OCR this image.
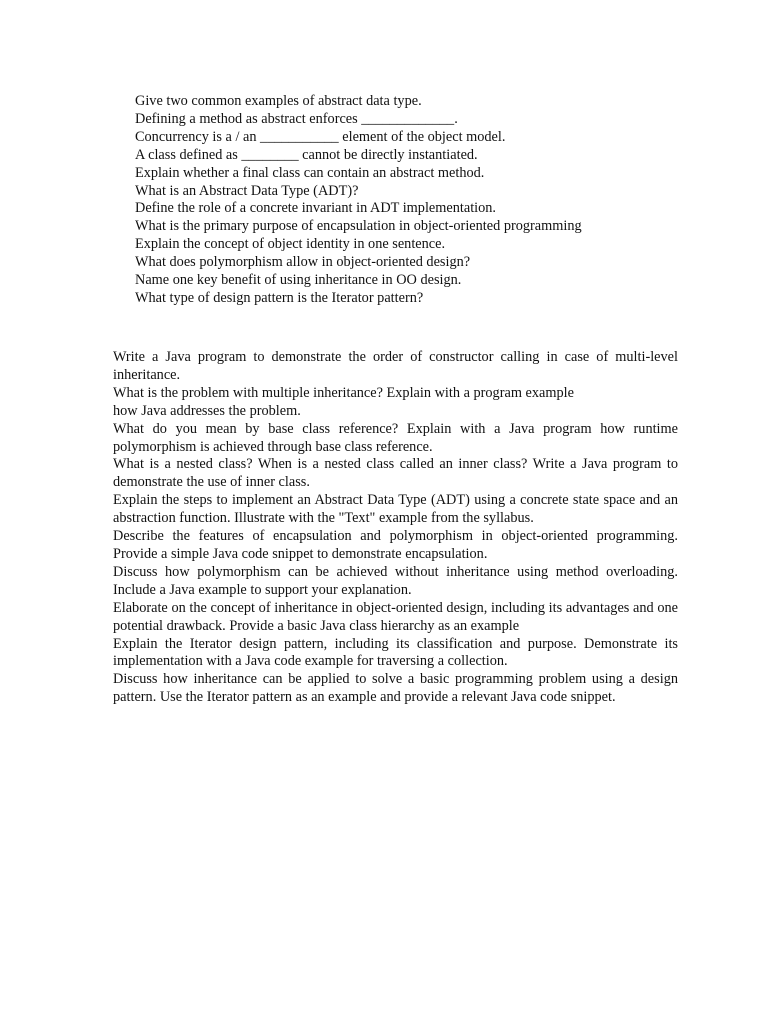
Give two common examples of abstract data type.
Defining a method as abstract enforces _____________.
Concurrency is a / an ___________ element of the object model.
A class defined as ________ cannot be directly instantiated.
Explain whether a final class can contain an abstract method.
What is an Abstract Data Type (ADT)?
Define the role of a concrete invariant in ADT implementation.
What is the primary purpose of encapsulation in object-oriented programming
Explain the concept of object identity in one sentence.
What does polymorphism allow in object-oriented design?
Name one key benefit of using inheritance in OO design.
What type of design pattern is the Iterator pattern?
Write a Java program to demonstrate the order of constructor calling in case of multi-level inheritance.
What is the problem with multiple inheritance? Explain with a program example
how Java addresses the problem.
What do you mean by base class reference? Explain with a Java program how runtime polymorphism is achieved through base class reference.
What is a nested class? When is a nested class called an inner class? Write a Java program to demonstrate the use of inner class.
Explain the steps to implement an Abstract Data Type (ADT) using a concrete state space and an abstraction function. Illustrate with the "Text" example from the syllabus.
Describe the features of encapsulation and polymorphism in object-oriented programming. Provide a simple Java code snippet to demonstrate encapsulation.
Discuss how polymorphism can be achieved without inheritance using method overloading. Include a Java example to support your explanation.
Elaborate on the concept of inheritance in object-oriented design, including its advantages and one potential drawback. Provide a basic Java class hierarchy as an example
Explain the Iterator design pattern, including its classification and purpose. Demonstrate its implementation with a Java code example for traversing a collection.
Discuss how inheritance can be applied to solve a basic programming problem using a design pattern. Use the Iterator pattern as an example and provide a relevant Java code snippet.
